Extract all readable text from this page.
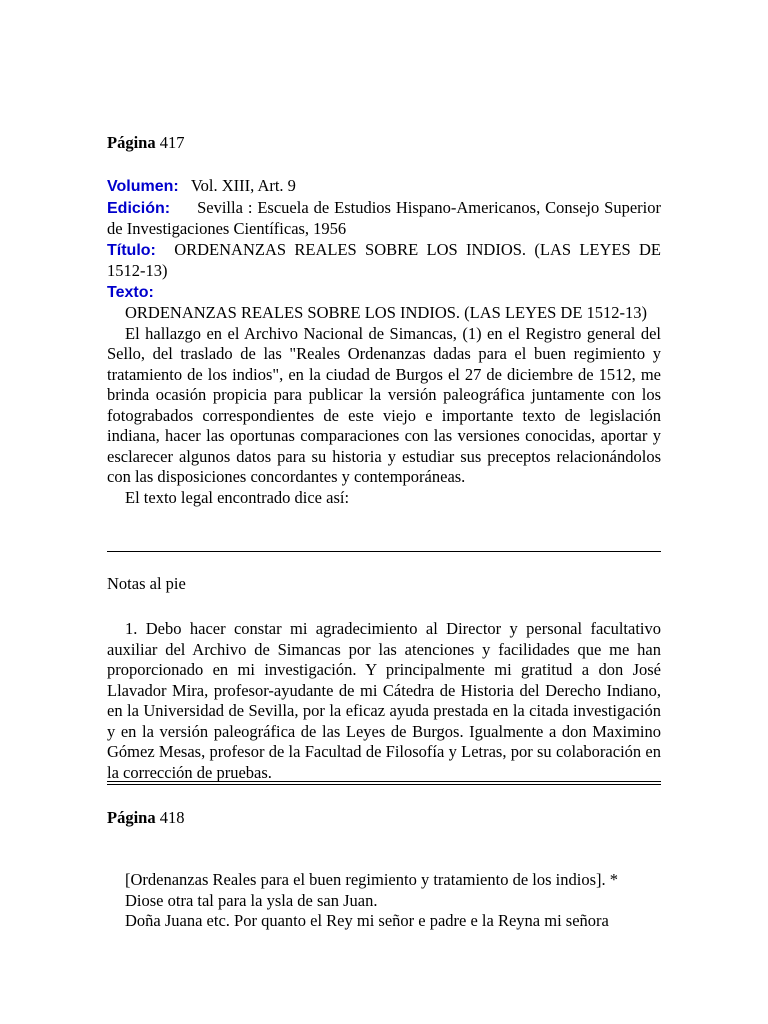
Página 417
Volumen: Vol. XIII, Art. 9
Edición: Sevilla : Escuela de Estudios Hispano-Americanos, Consejo Superior de Investigaciones Científicas, 1956
Título: ORDENANZAS REALES SOBRE LOS INDIOS. (LAS LEYES DE 1512-13)
Texto:

ORDENANZAS REALES SOBRE LOS INDIOS. (LAS LEYES DE 1512-13)

El hallazgo en el Archivo Nacional de Simancas, (1) en el Registro general del Sello, del traslado de las "Reales Ordenanzas dadas para el buen regimiento y tratamiento de los indios", en la ciudad de Burgos el 27 de diciembre de 1512, me brinda ocasión propicia para publicar la versión paleográfica juntamente con los fotograbados correspondientes de este viejo e importante texto de legislación indiana, hacer las oportunas comparaciones con las versiones conocidas, aportar y esclarecer algunos datos para su historia y estudiar sus preceptos relacionándolos con las disposiciones concordantes y contemporáneas.

El texto legal encontrado dice así:

Notas al pie
1. Debo hacer constar mi agradecimiento al Director y personal facultativo auxiliar del Archivo de Simancas por las atenciones y facilidades que me han proporcionado en mi investigación. Y principalmente mi gratitud a don José Llavador Mira, profesor-ayudante de mi Cátedra de Historia del Derecho Indiano, en la Universidad de Sevilla, por la eficaz ayuda prestada en la citada investigación y en la versión paleográfica de las Leyes de Burgos. Igualmente a don Maximino Gómez Mesas, profesor de la Facultad de Filosofía y Letras, por su colaboración en la corrección de pruebas.
Página 418
[Ordenanzas Reales para el buen regimiento y tratamiento de los indios]. *
Diose otra tal para la ysla de san Juan.
Doña Juana etc. Por quanto el Rey mi señor e padre e la Reyna mi señora
